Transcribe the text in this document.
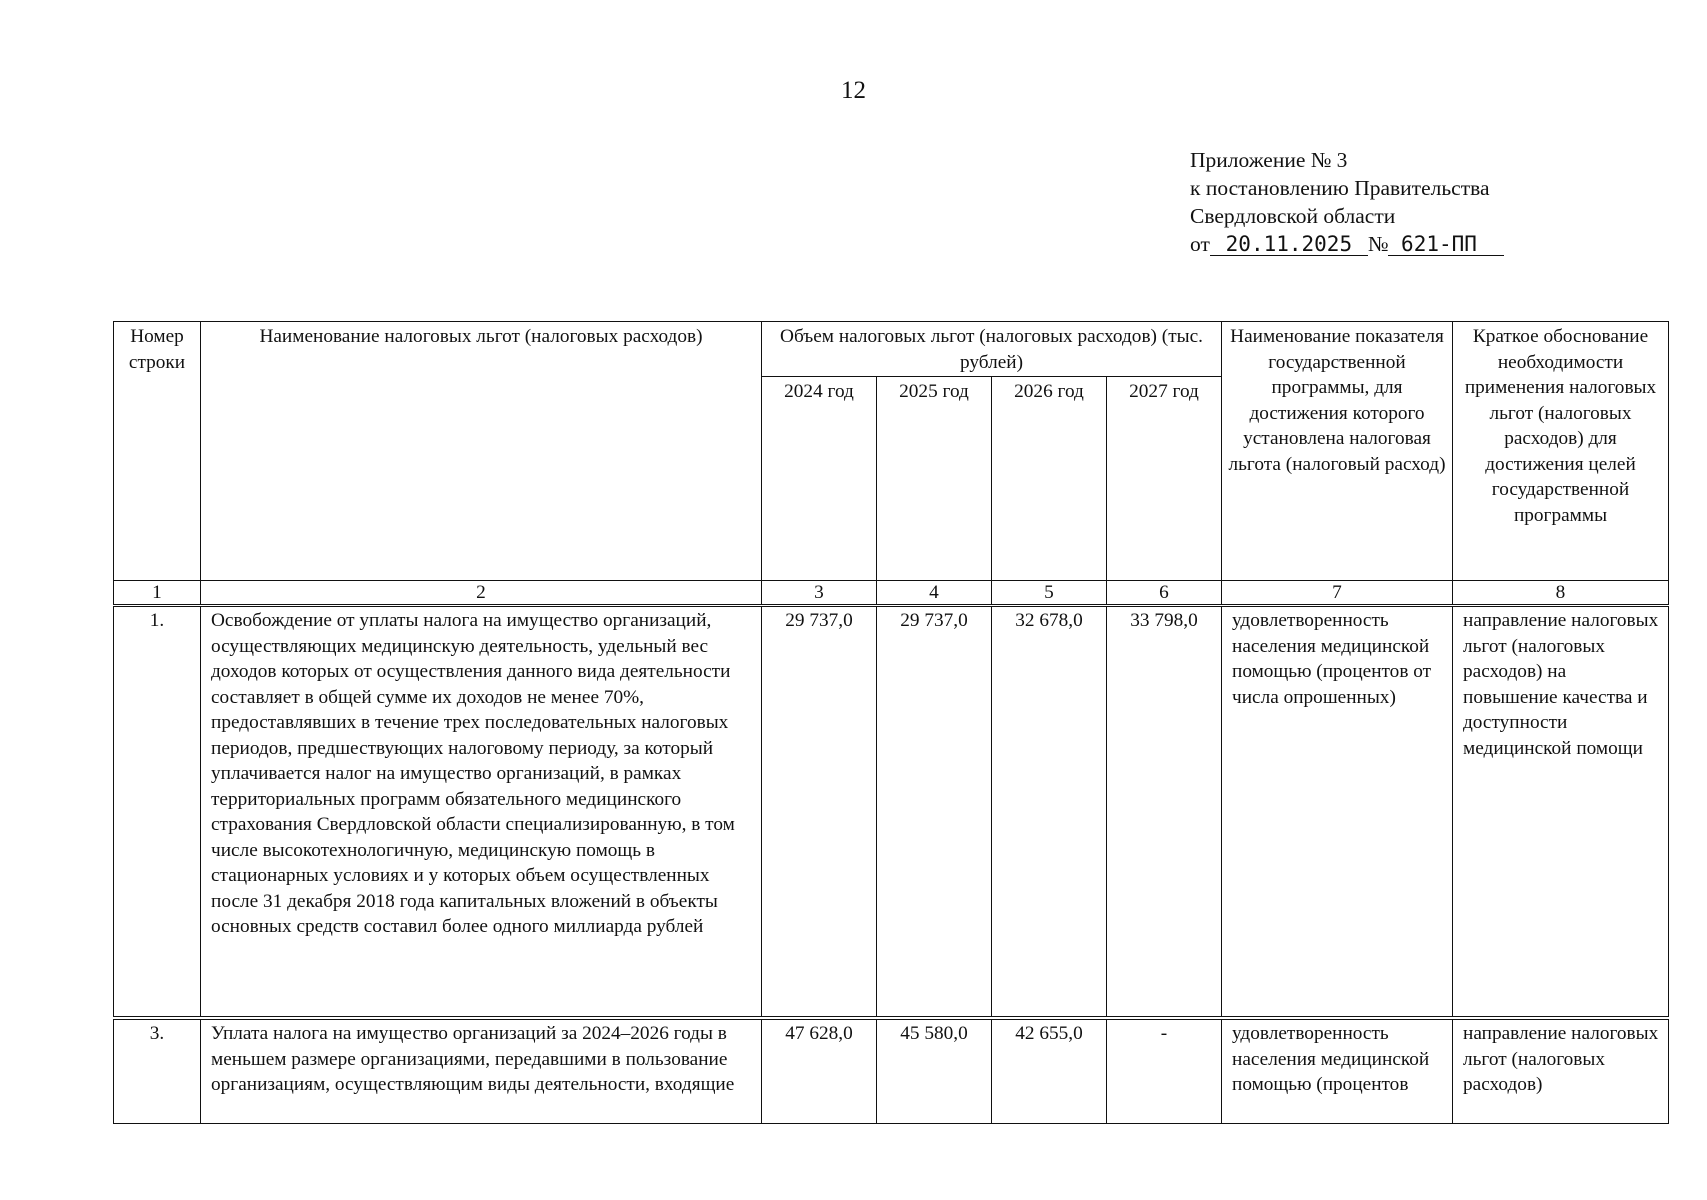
12
Приложение № 3
к постановлению Правительства
Свердловской области
от 20.11.2025 № 621-ПП
Номер строки	Наименование налоговых льгот (налоговых расходов)	Объем налоговых льгот (налоговых расходов) (тыс. рублей)				Наименование показателя государственной программы, для достижения которого установлена налоговая льгота (налоговый расход)	Краткое обоснование необходимости применения налоговых льгот (налоговых расходов) для достижения целей государственной программы
		2024 год	2025 год	2026 год	2027 год		
1	2	3	4	5	6	7	8
1.	Освобождение от уплаты налога на имущество организаций, осуществляющих медицинскую деятельность, удельный вес доходов которых от осуществления данного вида деятельности составляет в общей сумме их доходов не менее 70%, предоставлявших в течение трех последовательных налоговых периодов, предшествующих налоговому периоду, за который уплачивается налог на имущество организаций, в рамках территориальных программ обязательного медицинского страхования Свердловской области специализированную, в том числе высокотехнологичную, медицинскую помощь в стационарных условиях и у которых объем осуществленных после 31 декабря 2018 года капитальных вложений в объекты основных средств составил более одного миллиарда рублей	29 737,0	29 737,0	32 678,0	33 798,0	удовлетворенность населения медицинской помощью (процентов от числа опрошенных)	направление налоговых льгот (налоговых расходов) на повышение качества и доступности медицинской помощи
3.	Уплата налога на имущество организаций за 2024–2026 годы в меньшем размере организациями, передавшими в пользование организациям, осуществляющим виды деятельности, входящие	47 628,0	45 580,0	42 655,0	-	удовлетворенность населения медицинской помощью (процентов	направление налоговых льгот (налоговых расходов)
